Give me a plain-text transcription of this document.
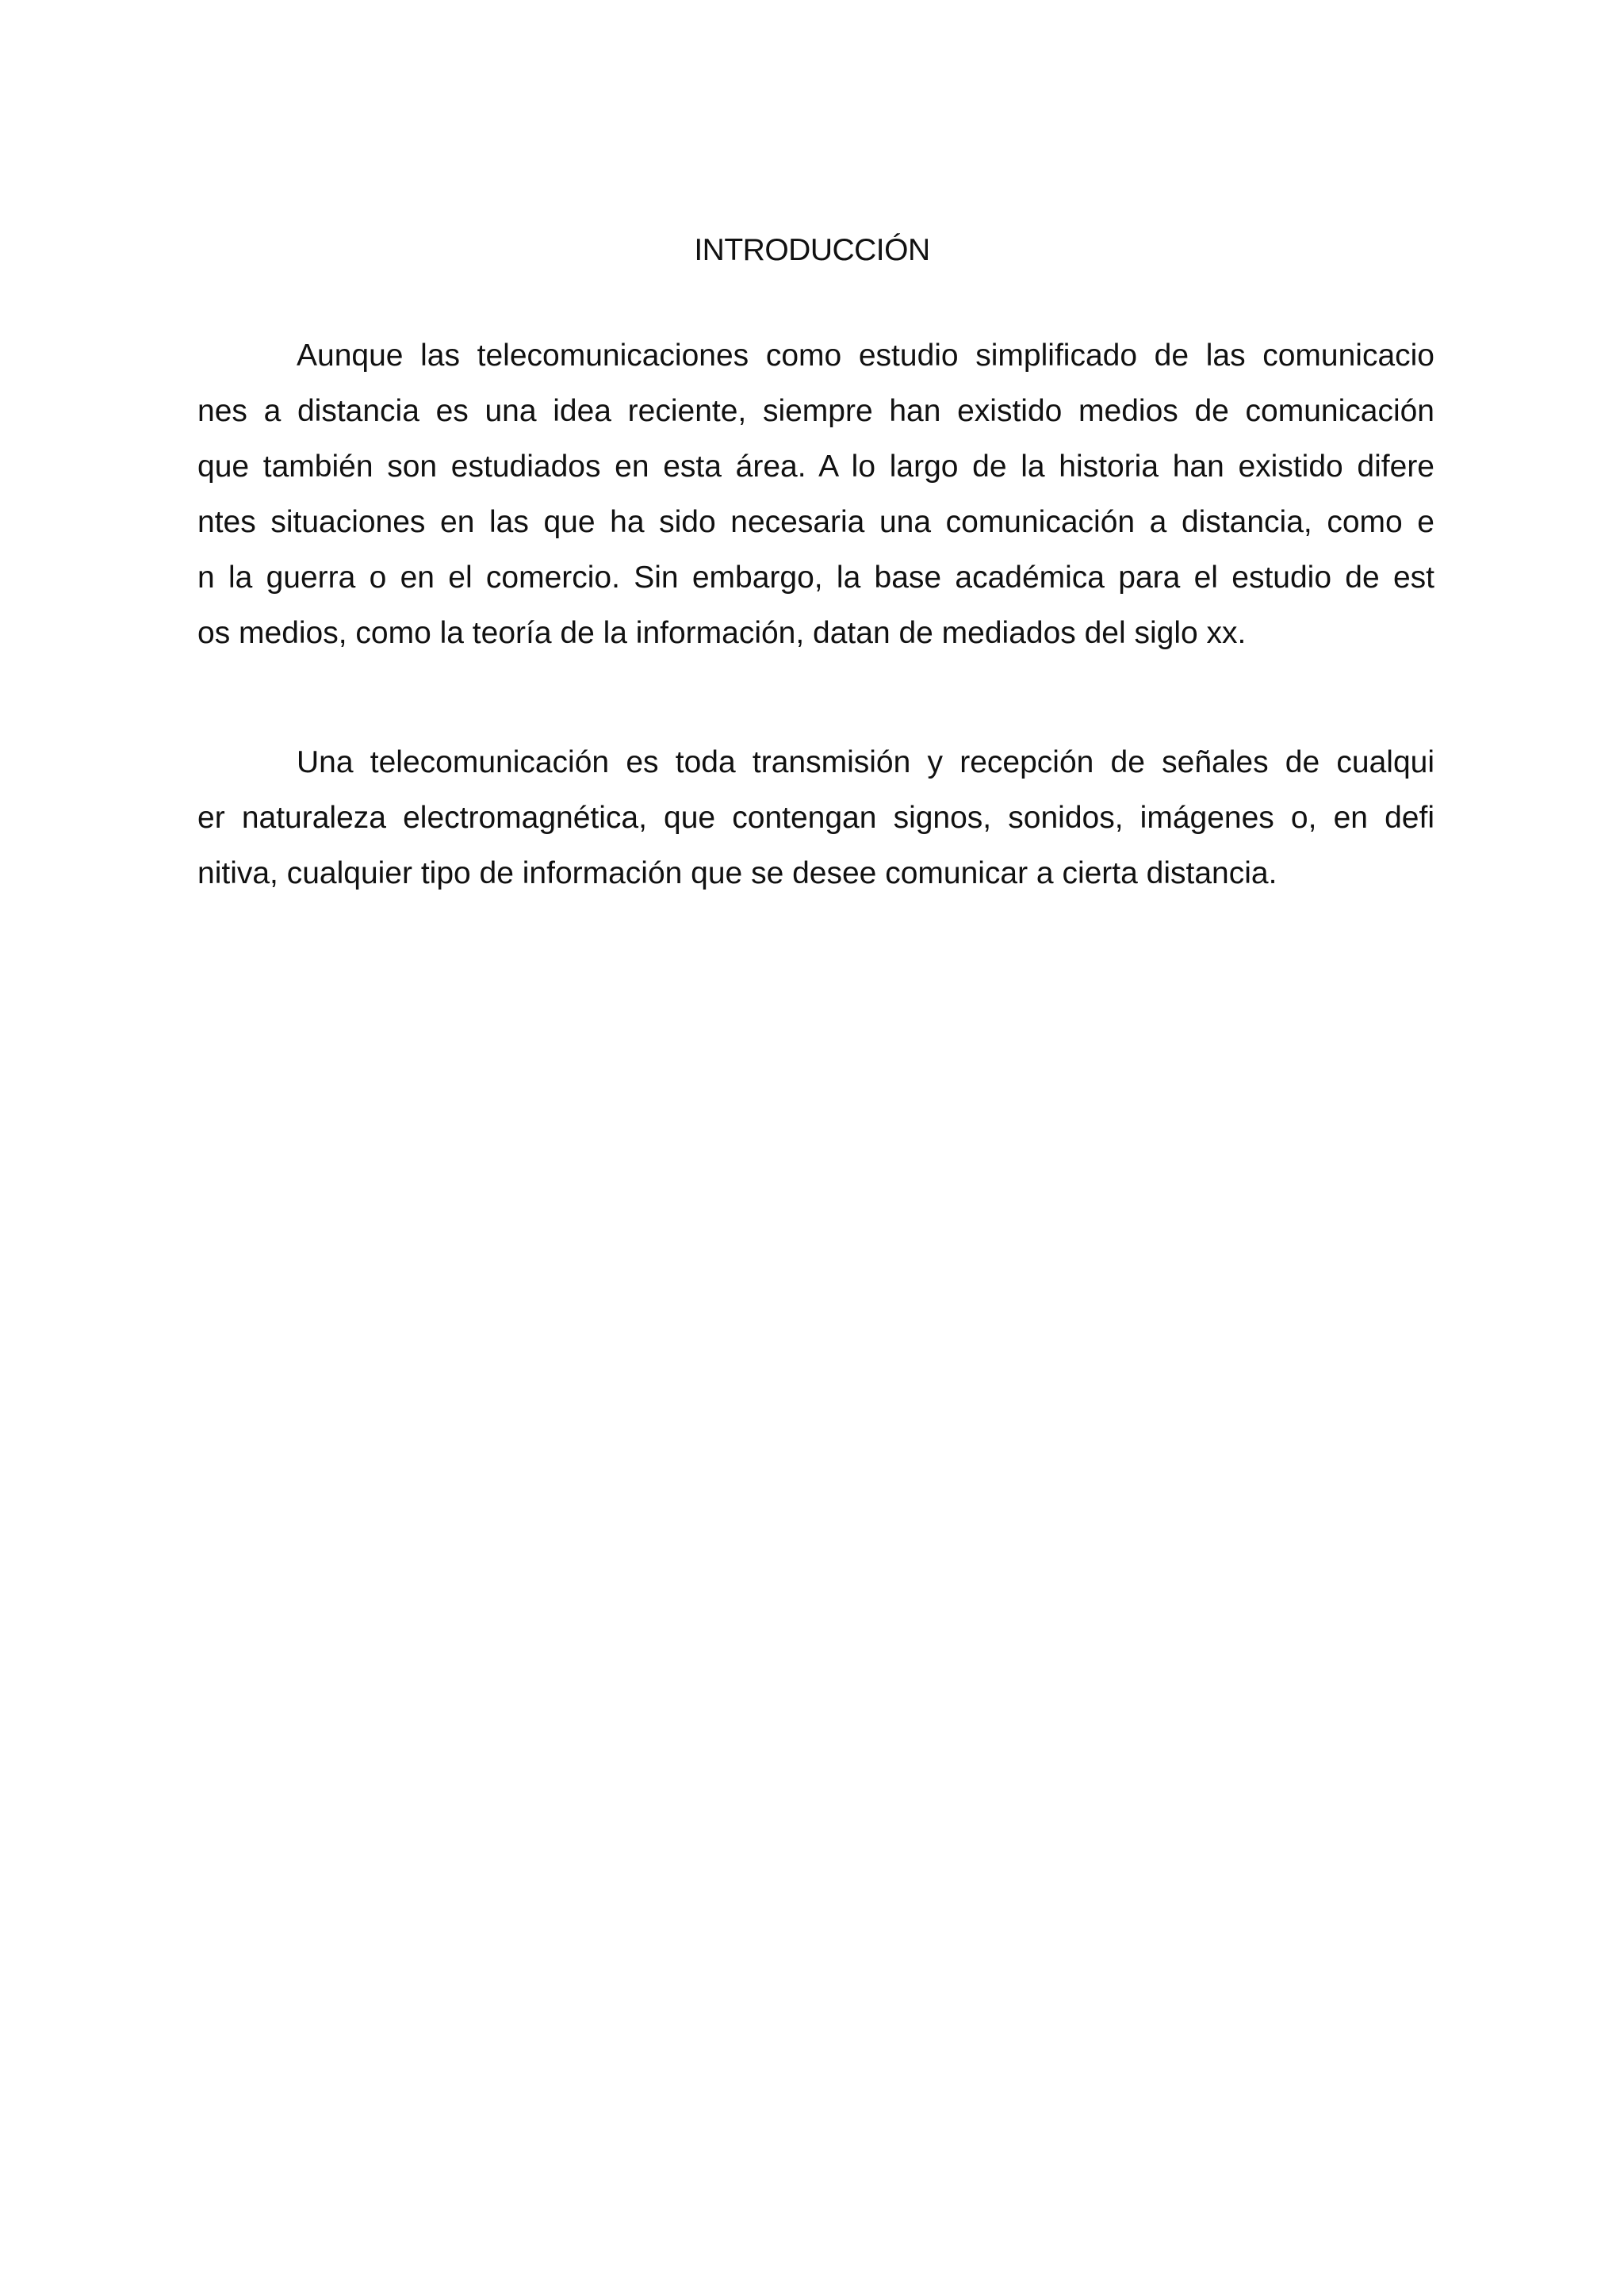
INTRODUCCIÓN
Aunque las telecomunicaciones como estudio simplificado de las comunicacio
nes a distancia es una idea reciente, siempre han existido medios de comunicación
que también son estudiados en esta área. A lo largo de la historia han existido difere
ntes situaciones en las que ha sido necesaria una comunicación a distancia, como e
n la guerra o en el comercio. Sin embargo, la base académica para el estudio de est
os medios, como la teoría de la información, datan de mediados del siglo xx.
Una telecomunicación es toda transmisión y recepción de señales de cualqui
er naturaleza electromagnética, que contengan signos, sonidos, imágenes o, en defi
nitiva, cualquier tipo de información que se desee comunicar a cierta distancia.
